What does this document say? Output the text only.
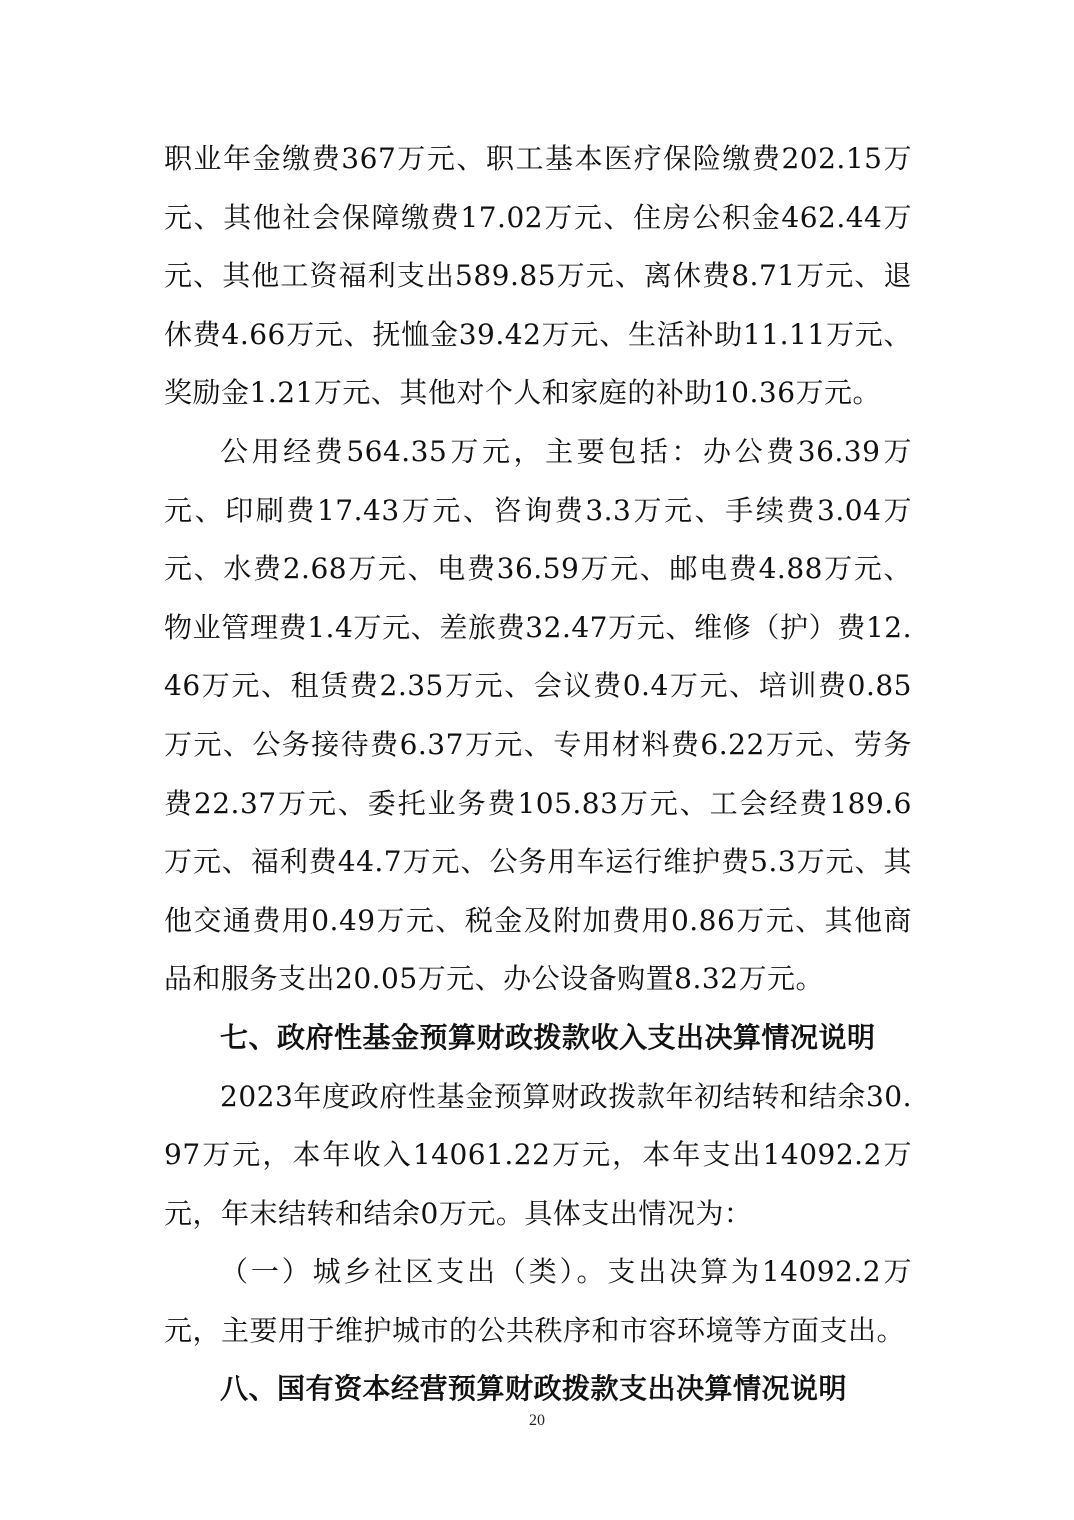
职业年金缴费367万元、职工基本医疗保险缴费202.15万元、其他社会保障缴费17.02万元、住房公积金462.44万元、其他工资福利支出589.85万元、离休费8.71万元、退休费4.66万元、抚恤金39.42万元、生活补助11.11万元、奖励金1.21万元、其他对个人和家庭的补助10.36万元。

公用经费564.35万元，主要包括：办公费36.39万元、印刷费17.43万元、咨询费3.3万元、手续费3.04万元、水费2.68万元、电费36.59万元、邮电费4.88万元、物业管理费1.4万元、差旅费32.47万元、维修（护）费12.46万元、租赁费2.35万元、会议费0.4万元、培训费0.85万元、公务接待费6.37万元、专用材料费6.22万元、劳务费22.37万元、委托业务费105.83万元、工会经费189.6万元、福利费44.7万元、公务用车运行维护费5.3万元、其他交通费用0.49万元、税金及附加费用0.86万元、其他商品和服务支出20.05万元、办公设备购置8.32万元。

七、政府性基金预算财政拨款收入支出决算情况说明

2023年度政府性基金预算财政拨款年初结转和结余30.97万元，本年收入14061.22万元，本年支出14092.2万元，年末结转和结余0万元。具体支出情况为：

（一）城乡社区支出（类）。支出决算为14092.2万元，主要用于维护城市的公共秩序和市容环境等方面支出。

八、国有资本经营预算财政拨款支出决算情况说明

20
